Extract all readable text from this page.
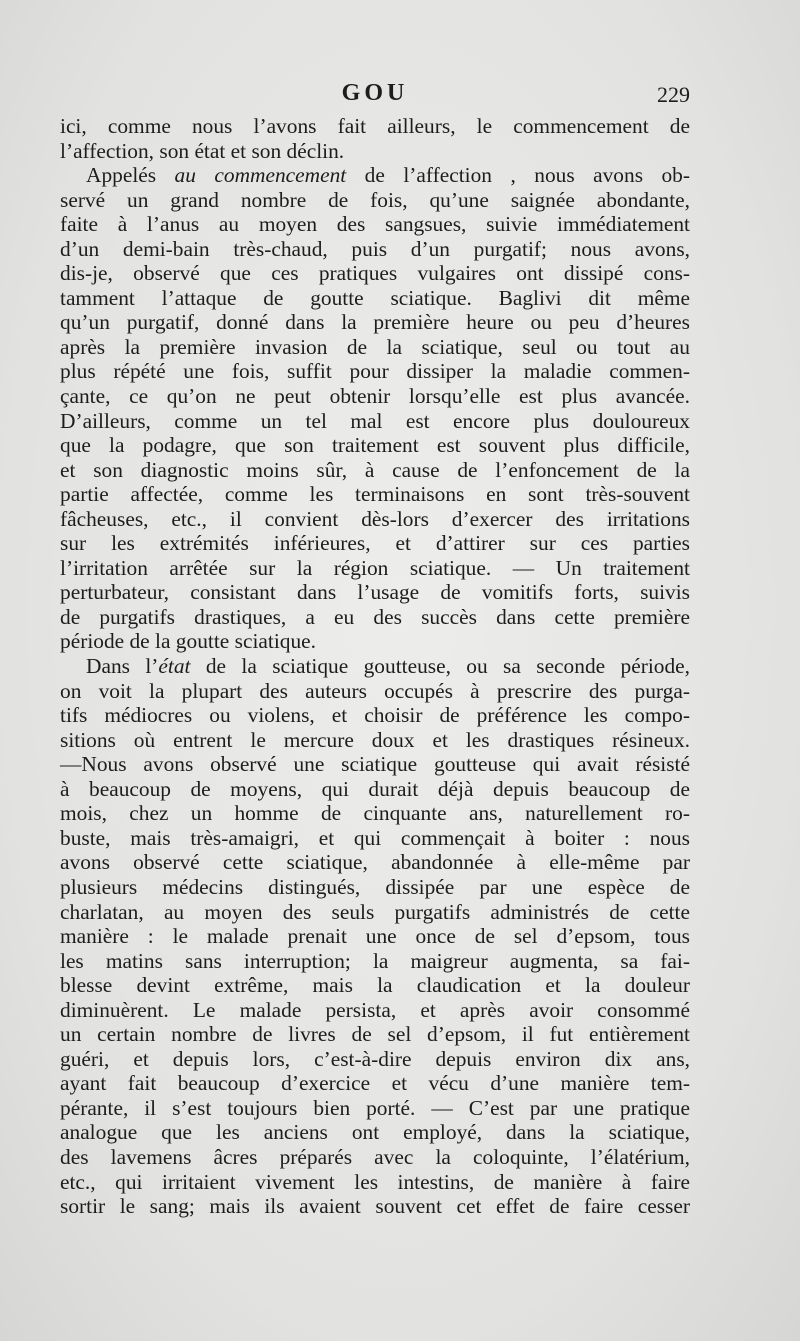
GOU	229
ici, comme nous l’avons fait ailleurs, le commencement de
l’affection, son état et son déclin.
Appelés au commencement de l’affection , nous avons ob-
servé un grand nombre de fois, qu’une saignée abondante,
faite à l’anus au moyen des sangsues, suivie immédiatement
d’un demi-bain très-chaud, puis d’un purgatif; nous avons,
dis-je, observé que ces pratiques vulgaires ont dissipé cons-
tamment l’attaque de goutte sciatique. Baglivi dit même
qu’un purgatif, donné dans la première heure ou peu d’heures
après la première invasion de la sciatique, seul ou tout au
plus répété une fois, suffit pour dissiper la maladie commen-
çante, ce qu’on ne peut obtenir lorsqu’elle est plus avancée.
D’ailleurs, comme un tel mal est encore plus douloureux
que la podagre, que son traitement est souvent plus difficile,
et son diagnostic moins sûr, à cause de l’enfoncement de la
partie affectée, comme les terminaisons en sont très-souvent
fâcheuses, etc., il convient dès-lors d’exercer des irritations
sur les extrémités inférieures, et d’attirer sur ces parties
l’irritation arrêtée sur la région sciatique. — Un traitement
perturbateur, consistant dans l’usage de vomitifs forts, suivis
de purgatifs drastiques, a eu des succès dans cette première
période de la goutte sciatique.
Dans l’état de la sciatique goutteuse, ou sa seconde période,
on voit la plupart des auteurs occupés à prescrire des purga-
tifs médiocres ou violens, et choisir de préférence les compo-
sitions où entrent le mercure doux et les drastiques résineux.
—Nous avons observé une sciatique goutteuse qui avait résisté
à beaucoup de moyens, qui durait déjà depuis beaucoup de
mois, chez un homme de cinquante ans, naturellement ro-
buste, mais très-amaigri, et qui commençait à boiter : nous
avons observé cette sciatique, abandonnée à elle-même par
plusieurs médecins distingués, dissipée par une espèce de
charlatan, au moyen des seuls purgatifs administrés de cette
manière : le malade prenait une once de sel d’epsom, tous
les matins sans interruption; la maigreur augmenta, sa fai-
blesse devint extrême, mais la claudication et la douleur
diminuèrent. Le malade persista, et après avoir consommé
un certain nombre de livres de sel d’epsom, il fut entièrement
guéri, et depuis lors, c’est-à-dire depuis environ dix ans,
ayant fait beaucoup d’exercice et vécu d’une manière tem-
pérante, il s’est toujours bien porté. — C’est par une pratique
analogue que les anciens ont employé, dans la sciatique,
des lavemens âcres préparés avec la coloquinte, l’élatérium,
etc., qui irritaient vivement les intestins, de manière à faire
sortir le sang; mais ils avaient souvent cet effet de faire cesser
